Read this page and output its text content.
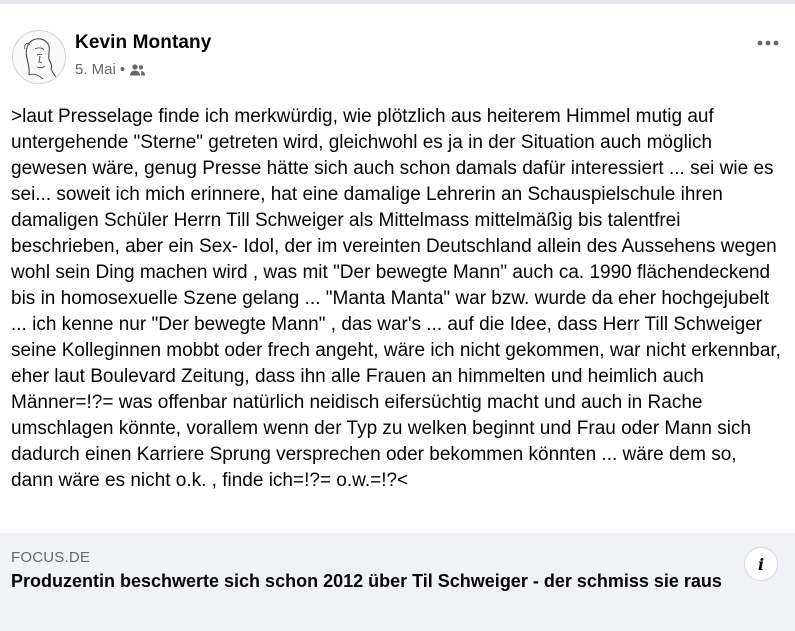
Kevin Montany
5. Mai •

>laut Presselage finde ich merkwürdig, wie plötzlich aus heiterem Himmel mutig auf untergehende "Sterne" getreten wird, gleichwohl es ja in der Situation auch möglich gewesen wäre, genug Presse hätte sich auch schon damals dafür interessiert ... sei wie es sei... soweit ich mich erinnere, hat eine damalige Lehrerin an Schauspielschule ihren damaligen Schüler Herrn Till Schweiger als Mittelmass mittelmäßig bis talentfrei beschrieben, aber ein Sex- Idol, der im vereinten Deutschland allein des Aussehens wegen wohl sein Ding machen wird , was mit "Der bewegte Mann" auch ca. 1990 flächendeckend bis in homosexuelle Szene gelang ... "Manta Manta" war bzw. wurde da eher hochgejubelt ... ich kenne nur "Der bewegte Mann" , das war's ... auf die Idee, dass Herr Till Schweiger seine Kolleginnen mobbt oder frech angeht, wäre ich nicht gekommen, war nicht erkennbar, eher laut Boulevard Zeitung, dass ihn alle Frauen an himmelten und heimlich auch Männer=!?= was offenbar natürlich neidisch eifersüchtig macht und auch in Rache umschlagen könnte, vorallem wenn der Typ zu welken beginnt und Frau oder Mann sich dadurch einen Karriere Sprung versprechen oder bekommen könnten ... wäre dem so, dann wäre es nicht o.k. , finde ich=!?= o.w.=!?<

FOCUS.DE

Produzentin beschwerte sich schon 2012 über Til Schweiger - der schmiss sie raus

i
